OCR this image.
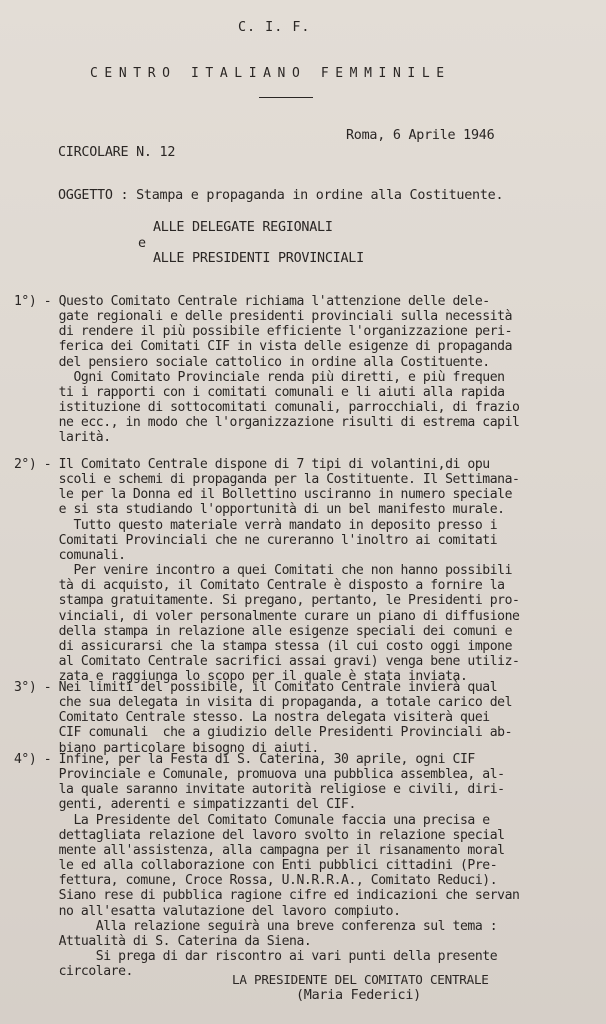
C. I. F.
CENTRO ITALIANO FEMMINILE
Roma, 6 Aprile 1946
CIRCOLARE N. 12
OGGETTO : Stampa e propaganda in ordine alla Costituente.
ALLE DELEGATE REGIONALI
e
ALLE PRESIDENTI PROVINCIALI
1°) - Questo Comitato Centrale richiama l'attenzione delle dele-
gate regionali e delle presidenti provinciali sulla necessità
di rendere il più possibile efficiente l'organizzazione peri-
ferica dei Comitati CIF in vista delle esigenze di propaganda
del pensiero sociale cattolico in ordine alla Costituente.
Ogni Comitato Provinciale renda più diretti, e più frequen
ti i rapporti con i comitati comunali e li aiuti alla rapida
istituzione di sottocomitati comunali, parrocchiali, di frazio
ne ecc., in modo che l'organizzazione risulti di estrema capil
larità.
2°) - Il Comitato Centrale dispone di 7 tipi di volantini,di opu
scoli e schemi di propaganda per la Costituente. Il Settimana-
le per la Donna ed il Bollettino usciranno in numero speciale
e si sta studiando l'opportunità di un bel manifesto murale.
Tutto questo materiale verrà mandato in deposito presso i
Comitati Provinciali che ne cureranno l'inoltro ai comitati
comunali.
Per venire incontro a quei Comitati che non hanno possibili
tà di acquisto, il Comitato Centrale è disposto a fornire la
stampa gratuitamente. Si pregano, pertanto, le Presidenti pro-
vinciali, di voler personalmente curare un piano di diffusione
della stampa in relazione alle esigenze speciali dei comuni e
di assicurarsi che la stampa stessa (il cui costo oggi impone
al Comitato Centrale sacrifici assai gravi) venga bene utiliz-
zata e raggiunga lo scopo per il quale è stata inviata.
3°) - Nei limiti del possibile, il Comitato Centrale invierà qual
che sua delegata in visita di propaganda, a totale carico del
Comitato Centrale stesso. La nostra delegata visiterà quei
CIF comunali  che a giudizio delle Presidenti Provinciali ab-
biano particolare bisogno di aiuti.
4°) - Infine, per la Festa di S. Caterina, 30 aprile, ogni CIF
Provinciale e Comunale, promuova una pubblica assemblea, al-
la quale saranno invitate autorità religiose e civili, diri-
genti, aderenti e simpatizzanti del CIF.
La Presidente del Comitato Comunale faccia una precisa e
dettagliata relazione del lavoro svolto in relazione special
mente all'assistenza, alla campagna per il risanamento moral
le ed alla collaborazione con Enti pubblici cittadini (Pre-
fettura, comune, Croce Rossa, U.N.R.R.A., Comitato Reduci).
Siano rese di pubblica ragione cifre ed indicazioni che servan
no all'esatta valutazione del lavoro compiuto.
Alla relazione seguirà una breve conferenza sul tema :
Attualità di S. Caterina da Siena.
Si prega di dar riscontro ai vari punti della presente
circolare.
LA PRESIDENTE DEL COMITATO CENTRALE
(Maria Federici)
